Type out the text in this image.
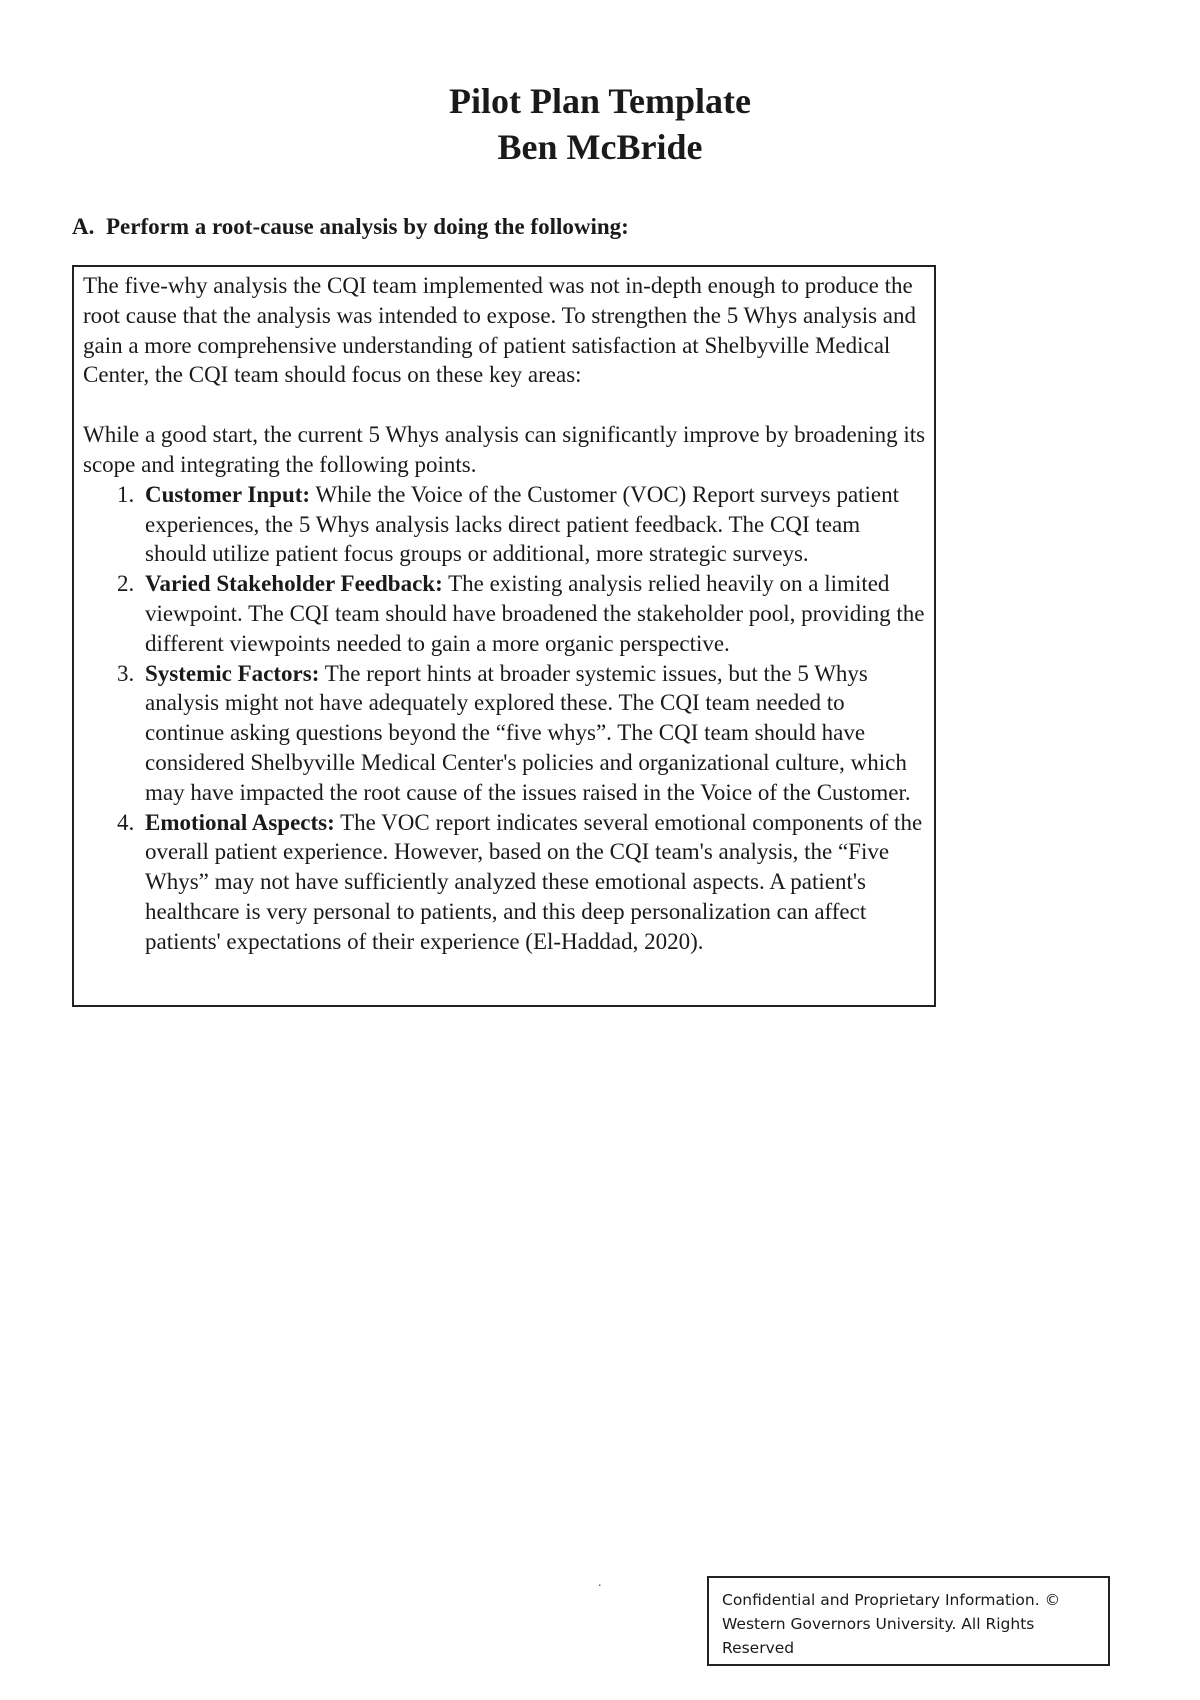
Pilot Plan Template
Ben McBride
A. Perform a root-cause analysis by doing the following:

The five-why analysis the CQI team implemented was not in-depth enough to produce the root cause that the analysis was intended to expose. To strengthen the 5 Whys analysis and gain a more comprehensive understanding of patient satisfaction at Shelbyville Medical Center, the CQI team should focus on these key areas:

While a good start, the current 5 Whys analysis can significantly improve by broadening its scope and integrating the following points.

1. Customer Input: While the Voice of the Customer (VOC) Report surveys patient experiences, the 5 Whys analysis lacks direct patient feedback. The CQI team should utilize patient focus groups or additional, more strategic surveys.
2. Varied Stakeholder Feedback: The existing analysis relied heavily on a limited viewpoint. The CQI team should have broadened the stakeholder pool, providing the different viewpoints needed to gain a more organic perspective.
3. Systemic Factors: The report hints at broader systemic issues, but the 5 Whys analysis might not have adequately explored these. The CQI team needed to continue asking questions beyond the “five whys”. The CQI team should have considered Shelbyville Medical Center's policies and organizational culture, which may have impacted the root cause of the issues raised in the Voice of the Customer.
4. Emotional Aspects: The VOC report indicates several emotional components of the overall patient experience. However, based on the CQI team's analysis, the “Five Whys” may not have sufficiently analyzed these emotional aspects. A patient's healthcare is very personal to patients, and this deep personalization can affect patients' expectations of their experience (El-Haddad, 2020).
.
Confidential and Proprietary Information. ©
Western Governors University. All Rights Reserved
